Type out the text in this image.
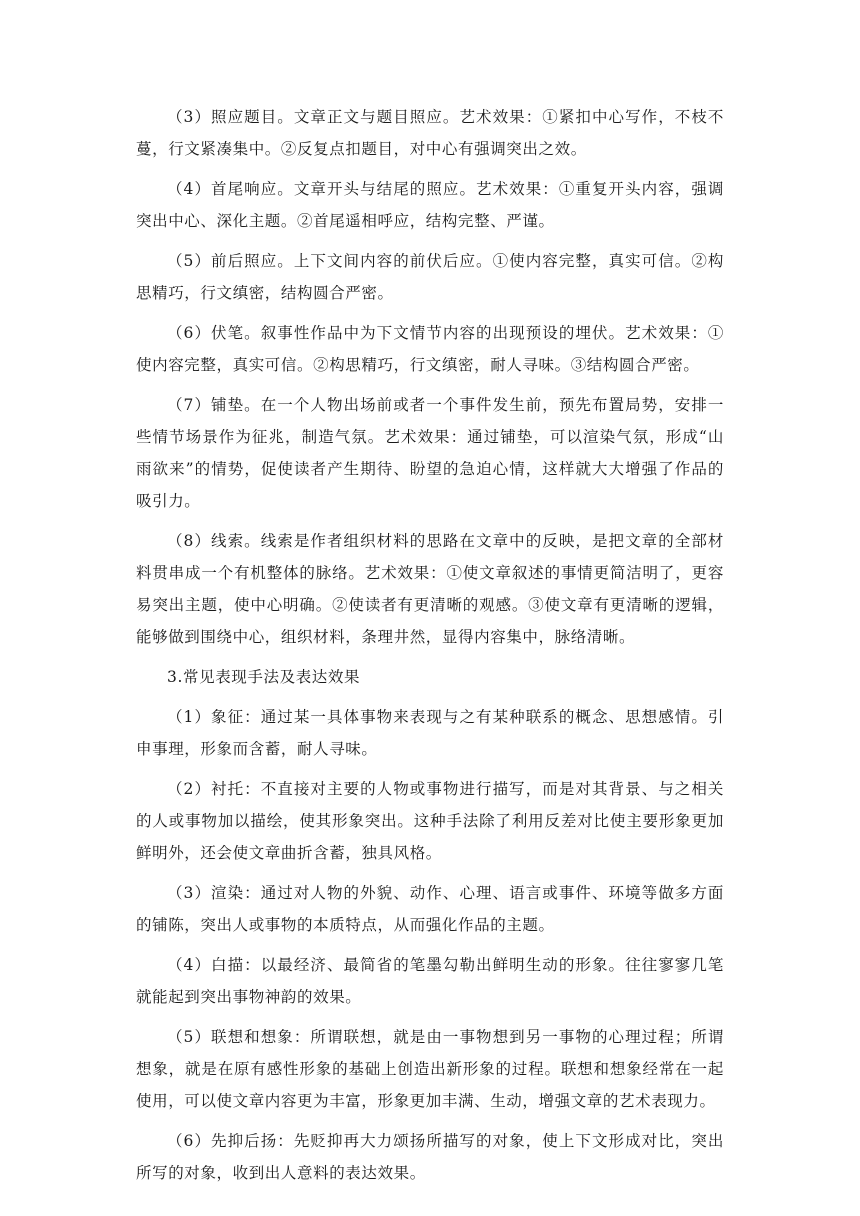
（3）照应题目。文章正文与题目照应。艺术效果：①紧扣中心写作，不枝不蔓，行文紧凑集中。②反复点扣题目，对中心有强调突出之效。

（4）首尾响应。文章开头与结尾的照应。艺术效果：①重复开头内容，强调突出中心、深化主题。②首尾遥相呼应，结构完整、严谨。

（5）前后照应。上下文间内容的前伏后应。①使内容完整，真实可信。②构思精巧，行文缜密，结构圆合严密。

（6）伏笔。叙事性作品中为下文情节内容的出现预设的埋伏。艺术效果：①使内容完整，真实可信。②构思精巧，行文缜密，耐人寻味。③结构圆合严密。

（7）铺垫。在一个人物出场前或者一个事件发生前，预先布置局势，安排一些情节场景作为征兆，制造气氛。艺术效果：通过铺垫，可以渲染气氛，形成“山雨欲来”的情势，促使读者产生期待、盼望的急迫心情，这样就大大增强了作品的吸引力。

（8）线索。线索是作者组织材料的思路在文章中的反映，是把文章的全部材料贯串成一个有机整体的脉络。艺术效果：①使文章叙述的事情更简洁明了，更容易突出主题，使中心明确。②使读者有更清晰的观感。③使文章有更清晰的逻辑，能够做到围绕中心，组织材料，条理井然，显得内容集中，脉络清晰。

3.常见表现手法及表达效果

（1）象征：通过某一具体事物来表现与之有某种联系的概念、思想感情。引申事理，形象而含蓄，耐人寻味。

（2）衬托：不直接对主要的人物或事物进行描写，而是对其背景、与之相关的人或事物加以描绘，使其形象突出。这种手法除了利用反差对比使主要形象更加鲜明外，还会使文章曲折含蓄，独具风格。

（3）渲染：通过对人物的外貌、动作、心理、语言或事件、环境等做多方面的铺陈，突出人或事物的本质特点，从而强化作品的主题。

（4）白描：以最经济、最简省的笔墨勾勒出鲜明生动的形象。往往寥寥几笔就能起到突出事物神韵的效果。

（5）联想和想象：所谓联想，就是由一事物想到另一事物的心理过程；所谓想象，就是在原有感性形象的基础上创造出新形象的过程。联想和想象经常在一起使用，可以使文章内容更为丰富，形象更加丰满、生动，增强文章的艺术表现力。

（6）先抑后扬：先贬抑再大力颂扬所描写的对象，使上下文形成对比，突出所写的对象，收到出人意料的表达效果。
